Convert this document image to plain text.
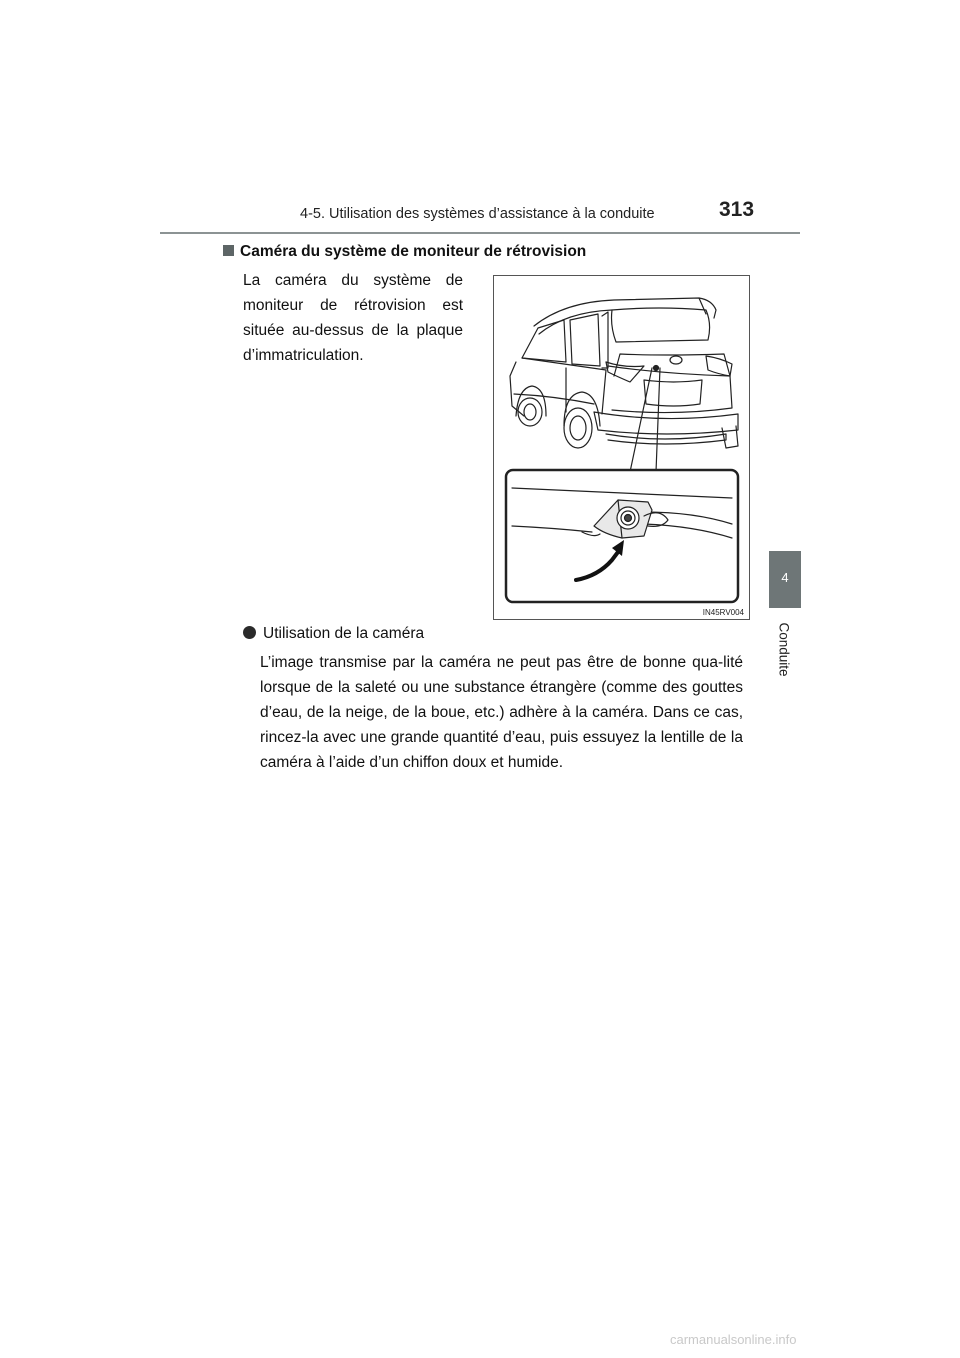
4-5. Utilisation des systèmes d’assistance à la conduite	313
4
Conduite
Caméra du système de moniteur de rétrovision
La caméra du système de moniteur de rétrovision est située au-dessus de la plaque d’immatriculation.
IN45RV004
Utilisation de la caméra
L’image transmise par la caméra ne peut pas être de bonne qua-lité lorsque de la saleté ou une substance étrangère (comme des gouttes d’eau, de la neige, de la boue, etc.) adhère à la caméra. Dans ce cas, rincez-la avec une grande quantité d’eau, puis essuyez la lentille de la caméra à l’aide d’un chiffon doux et humide.
carmanualsonline.info
